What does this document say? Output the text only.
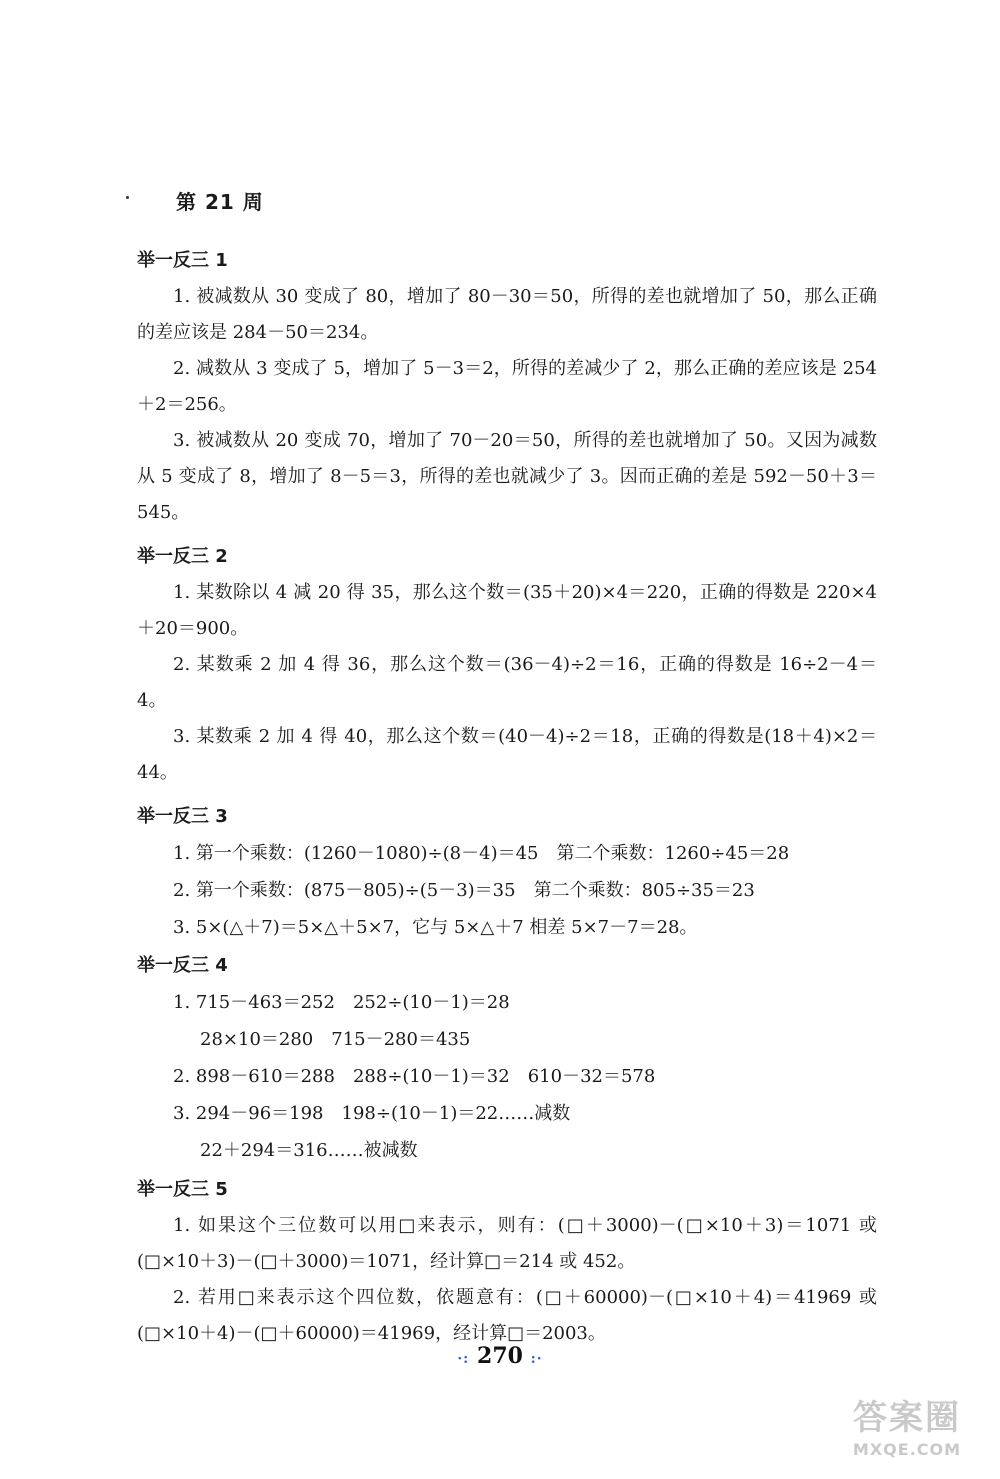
第 21 周
举一反三 1

1. 被减数从 30 变成了 80，增加了 80－30＝50，所得的差也就增加了 50，那么正确的差应该是 284－50＝234。

2. 减数从 3 变成了 5，增加了 5－3＝2，所得的差减少了 2，那么正确的差应该是 254＋2＝256。

3. 被减数从 20 变成 70，增加了 70－20＝50，所得的差也就增加了 50。又因为减数从 5 变成了 8，增加了 8－5＝3，所得的差也就减少了 3。因而正确的差是 592－50＋3＝545。

举一反三 2

1. 某数除以 4 减 20 得 35，那么这个数＝(35＋20)×4＝220，正确的得数是 220×4＋20＝900。

2. 某数乘 2 加 4 得 36，那么这个数＝(36－4)÷2＝16，正确的得数是 16÷2－4＝4。

3. 某数乘 2 加 4 得 40，那么这个数＝(40－4)÷2＝18，正确的得数是(18＋4)×2＝44。

举一反三 3

1. 第一个乘数：(1260－1080)÷(8－4)＝45　第二个乘数：1260÷45＝28

2. 第一个乘数：(875－805)÷(5－3)＝35　第二个乘数：805÷35＝23

3. 5×(△＋7)＝5×△＋5×7，它与 5×△＋7 相差 5×7－7＝28。

举一反三 4

1. 715－463＝252　252÷(10－1)＝28

28×10＝280　715－280＝435

2. 898－610＝288　288÷(10－1)＝32　610－32＝578

3. 294－96＝198　198÷(10－1)＝22……减数

22＋294＝316……被减数

举一反三 5

1. 如果这个三位数可以用□来表示，则有：(□＋3000)－(□×10＋3)＝1071 或(□×10＋3)－(□＋3000)＝1071，经计算□＝214 或 452。

2. 若用□来表示这个四位数，依题意有：(□＋60000)－(□×10＋4)＝41969 或(□×10＋4)－(□＋60000)＝41969，经计算□＝2003。

·: 270 :·
答案圈
MXQE.COM
